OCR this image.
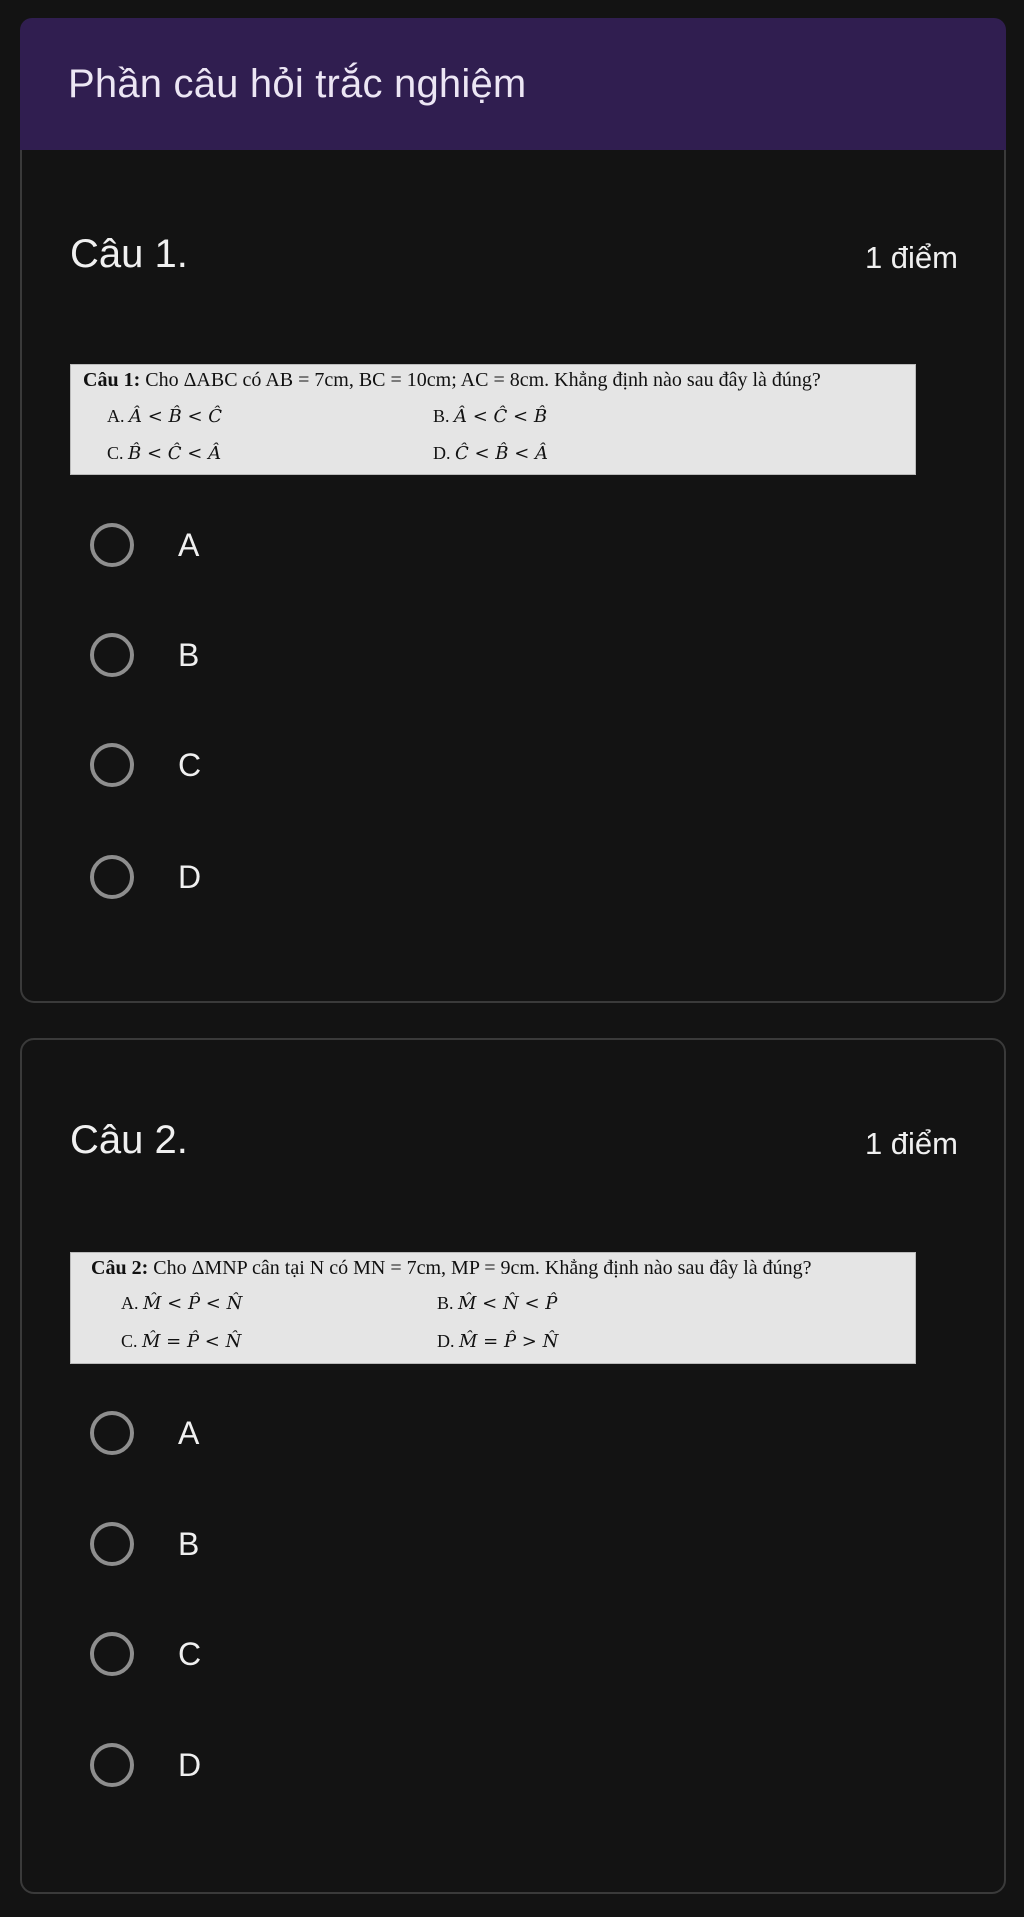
Phần câu hỏi trắc nghiệm
Câu 1.	1 điểm
Câu 1: Cho ΔABC có AB = 7cm, BC = 10cm; AC = 8cm. Khẳng định nào sau đây là đúng?
A. Â < B̂ < Ĉ	B. Â < Ĉ < B̂
C. B̂ < Ĉ < Â	D. Ĉ < B̂ < Â
A
B
C
D
Câu 2.	1 điểm
Câu 2: Cho ΔMNP cân tại N có MN = 7cm, MP = 9cm. Khẳng định nào sau đây là đúng?
A. M̂ < P̂ < N̂	B. M̂ < N̂ < P̂
C. M̂ = P̂ < N̂	D. M̂ = P̂ > N̂
A
B
C
D
